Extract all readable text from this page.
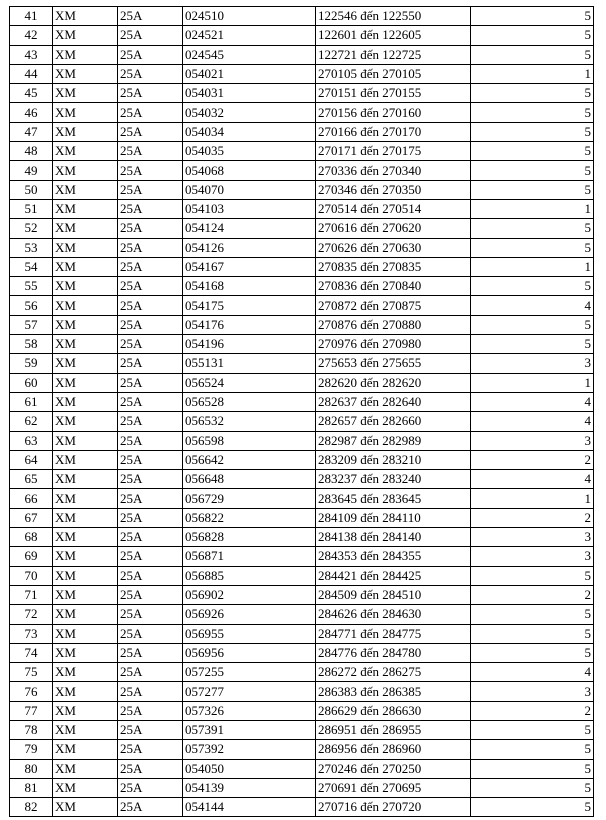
41	XM	25A	024510	122546 đến 122550	5
42	XM	25A	024521	122601 đến 122605	5
43	XM	25A	024545	122721 đến 122725	5
44	XM	25A	054021	270105 đến 270105	1
45	XM	25A	054031	270151 đến 270155	5
46	XM	25A	054032	270156 đến 270160	5
47	XM	25A	054034	270166 đến 270170	5
48	XM	25A	054035	270171 đến 270175	5
49	XM	25A	054068	270336 đến 270340	5
50	XM	25A	054070	270346 đến 270350	5
51	XM	25A	054103	270514 đến 270514	1
52	XM	25A	054124	270616 đến 270620	5
53	XM	25A	054126	270626 đến 270630	5
54	XM	25A	054167	270835 đến 270835	1
55	XM	25A	054168	270836 đến 270840	5
56	XM	25A	054175	270872 đến 270875	4
57	XM	25A	054176	270876 đến 270880	5
58	XM	25A	054196	270976 đến 270980	5
59	XM	25A	055131	275653 đến 275655	3
60	XM	25A	056524	282620 đến 282620	1
61	XM	25A	056528	282637 đến 282640	4
62	XM	25A	056532	282657 đến 282660	4
63	XM	25A	056598	282987 đến 282989	3
64	XM	25A	056642	283209 đến 283210	2
65	XM	25A	056648	283237 đến 283240	4
66	XM	25A	056729	283645 đến 283645	1
67	XM	25A	056822	284109 đến 284110	2
68	XM	25A	056828	284138 đến 284140	3
69	XM	25A	056871	284353 đến 284355	3
70	XM	25A	056885	284421 đến 284425	5
71	XM	25A	056902	284509 đến 284510	2
72	XM	25A	056926	284626 đến 284630	5
73	XM	25A	056955	284771 đến 284775	5
74	XM	25A	056956	284776 đến 284780	5
75	XM	25A	057255	286272 đến 286275	4
76	XM	25A	057277	286383 đến 286385	3
77	XM	25A	057326	286629 đến 286630	2
78	XM	25A	057391	286951 đến 286955	5
79	XM	25A	057392	286956 đến 286960	5
80	XM	25A	054050	270246 đến 270250	5
81	XM	25A	054139	270691 đến 270695	5
82	XM	25A	054144	270716 đến 270720	5
